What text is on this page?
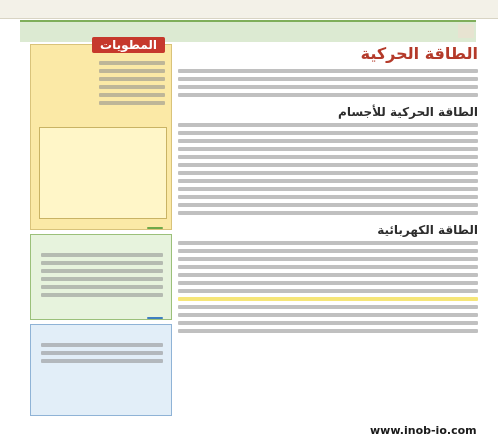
الطاقة الحركية
الطاقة الحركية للأجسام
الطاقة الكهربائية
المطويات
www.inob-io.com
